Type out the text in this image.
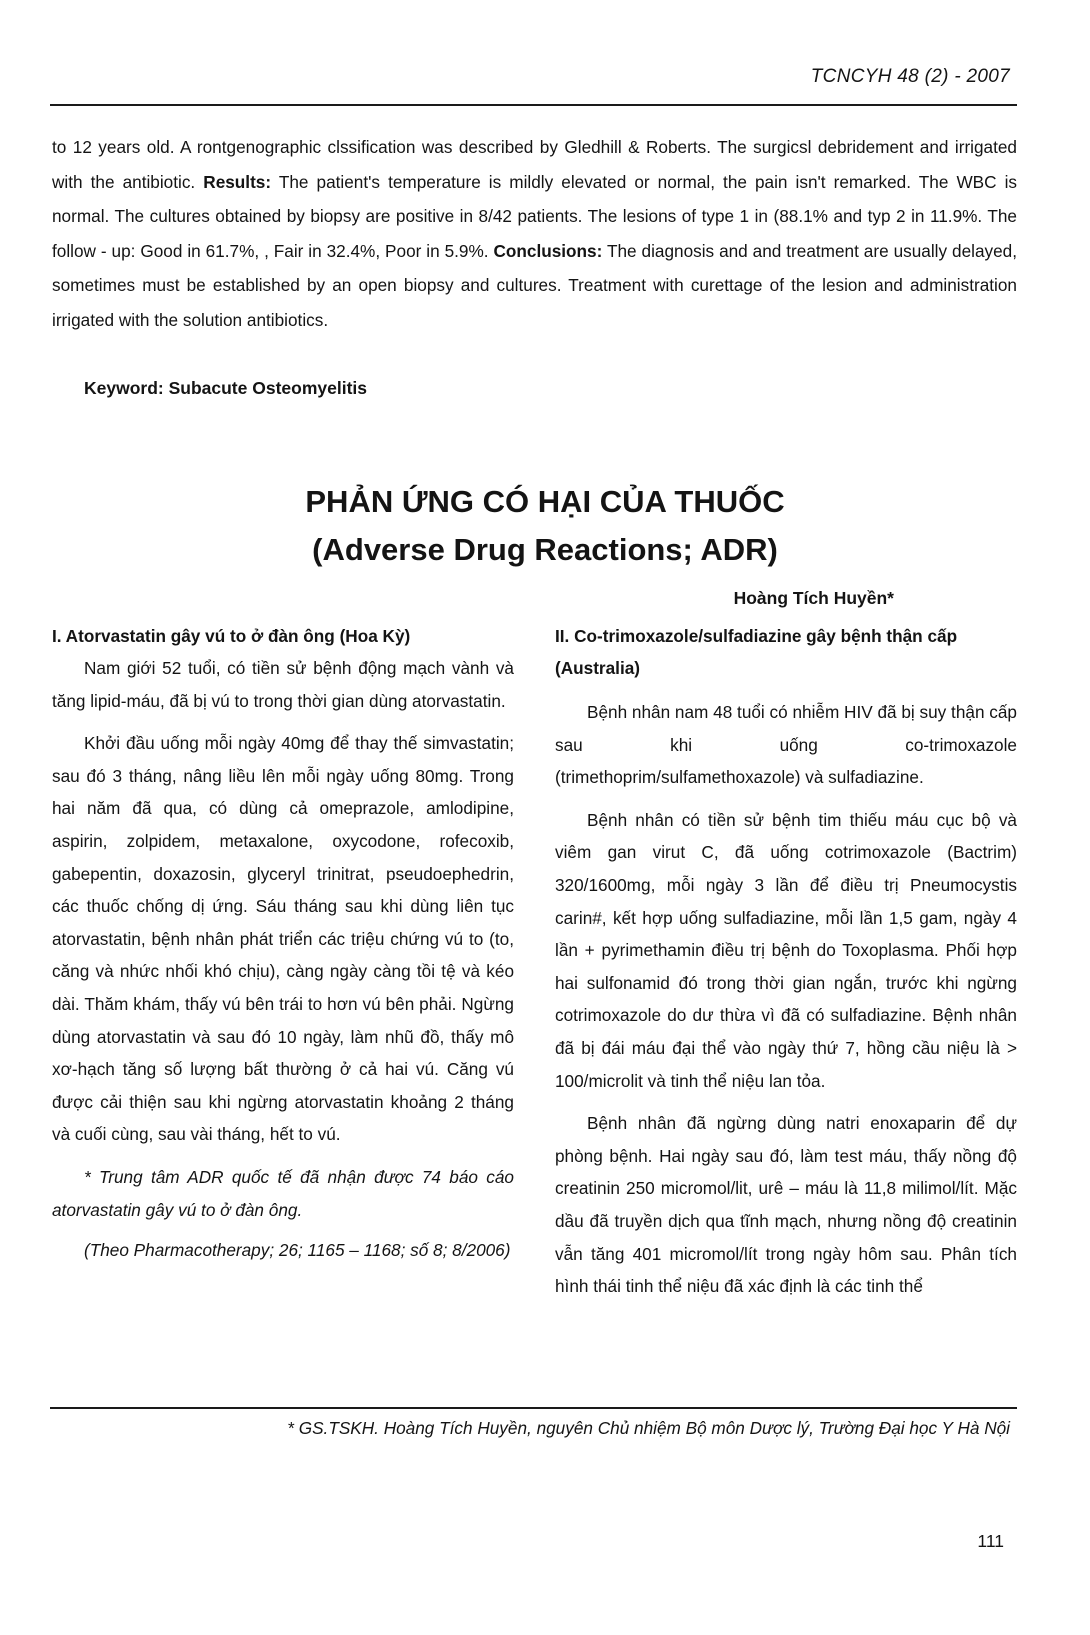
TCNCYH 48 (2) - 2007
to 12 years old. A rontgenographic clssification was described by Gledhill & Roberts. The surgicsl debridement and irrigated with the antibiotic. Results: The patient's temperature is mildly elevated or normal, the pain isn't remarked. The WBC is normal. The cultures obtained by biopsy are positive in 8/42 patients. The lesions of type 1 in (88.1% and typ 2 in 11.9%. The follow - up: Good in 61.7%, , Fair in 32.4%, Poor in 5.9%. Conclusions: The diagnosis and and treatment are usually delayed, sometimes must be established by an open biopsy and cultures. Treatment with curettage of the lesion and administration irrigated with the solution antibiotics.
Keyword: Subacute Osteomyelitis
PHẢN ỨNG CÓ HẠI CỦA THUỐC
(Adverse Drug Reactions; ADR)
Hoàng Tích Huyền*
I. Atorvastatin gây vú to ở đàn ông (Hoa Kỳ)

Nam giới 52 tuổi, có tiền sử bệnh động mạch vành và tăng lipid-máu, đã bị vú to trong thời gian dùng atorvastatin.

Khởi đầu uống mỗi ngày 40mg để thay thế simvastatin; sau đó 3 tháng, nâng liều lên mỗi ngày uống 80mg. Trong hai năm đã qua, có dùng cả omeprazole, amlodipine, aspirin, zolpidem, metaxalone, oxycodone, rofecoxib, gabepentin, doxazosin, glyceryl trinitrat, pseudoephedrin, các thuốc chống dị ứng. Sáu tháng sau khi dùng liên tục atorvastatin, bệnh nhân phát triển các triệu chứng vú to (to, căng và nhức nhối khó chịu), càng ngày càng tồi tệ và kéo dài. Thăm khám, thấy vú bên trái to hơn vú bên phải. Ngừng dùng atorvastatin và sau đó 10 ngày, làm nhũ đồ, thấy mô xơ-hạch tăng số lượng bất thường ở cả hai vú. Căng vú được cải thiện sau khi ngừng atorvastatin khoảng 2 tháng và cuối cùng, sau vài tháng, hết to vú.

* Trung tâm ADR quốc tế đã nhận được 74 báo cáo atorvastatin gây vú to ở đàn ông.

(Theo Pharmacotherapy; 26; 1165 – 1168; số 8; 8/2006)

II. Co-trimoxazole/sulfadiazine gây bệnh thận cấp (Australia)

Bệnh nhân nam 48 tuổi có nhiễm HIV đã bị suy thận cấp sau khi uống co-trimoxazole (trimethoprim/sulfamethoxazole) và sulfadiazine.

Bệnh nhân có tiền sử bệnh tim thiếu máu cục bộ và viêm gan virut C, đã uống cotrimoxazole (Bactrim) 320/1600mg, mỗi ngày 3 lần để điều trị Pneumocystis carin#, kết hợp uống sulfadiazine, mỗi lần 1,5 gam, ngày 4 lần + pyrimethamin điều trị bệnh do Toxoplasma. Phối hợp hai sulfonamid đó trong thời gian ngắn, trước khi ngừng cotrimoxazole do dư thừa vì đã có sulfadiazine. Bệnh nhân đã bị đái máu đại thể vào ngày thứ 7, hồng cầu niệu là > 100/microlit và tinh thể niệu lan tỏa.

Bệnh nhân đã ngừng dùng natri enoxaparin để dự phòng bệnh. Hai ngày sau đó, làm test máu, thấy nồng độ creatinin 250 micromol/lit, urê – máu là 11,8 milimol/lít. Mặc dầu đã truyền dịch qua tĩnh mạch, nhưng nồng độ creatinin vẫn tăng 401 micromol/lít trong ngày hôm sau. Phân tích hình thái tinh thể niệu đã xác định là các tinh thể

* GS.TSKH. Hoàng Tích Huyền, nguyên Chủ nhiệm Bộ môn Dược lý, Trường Đại học Y Hà Nội
111
